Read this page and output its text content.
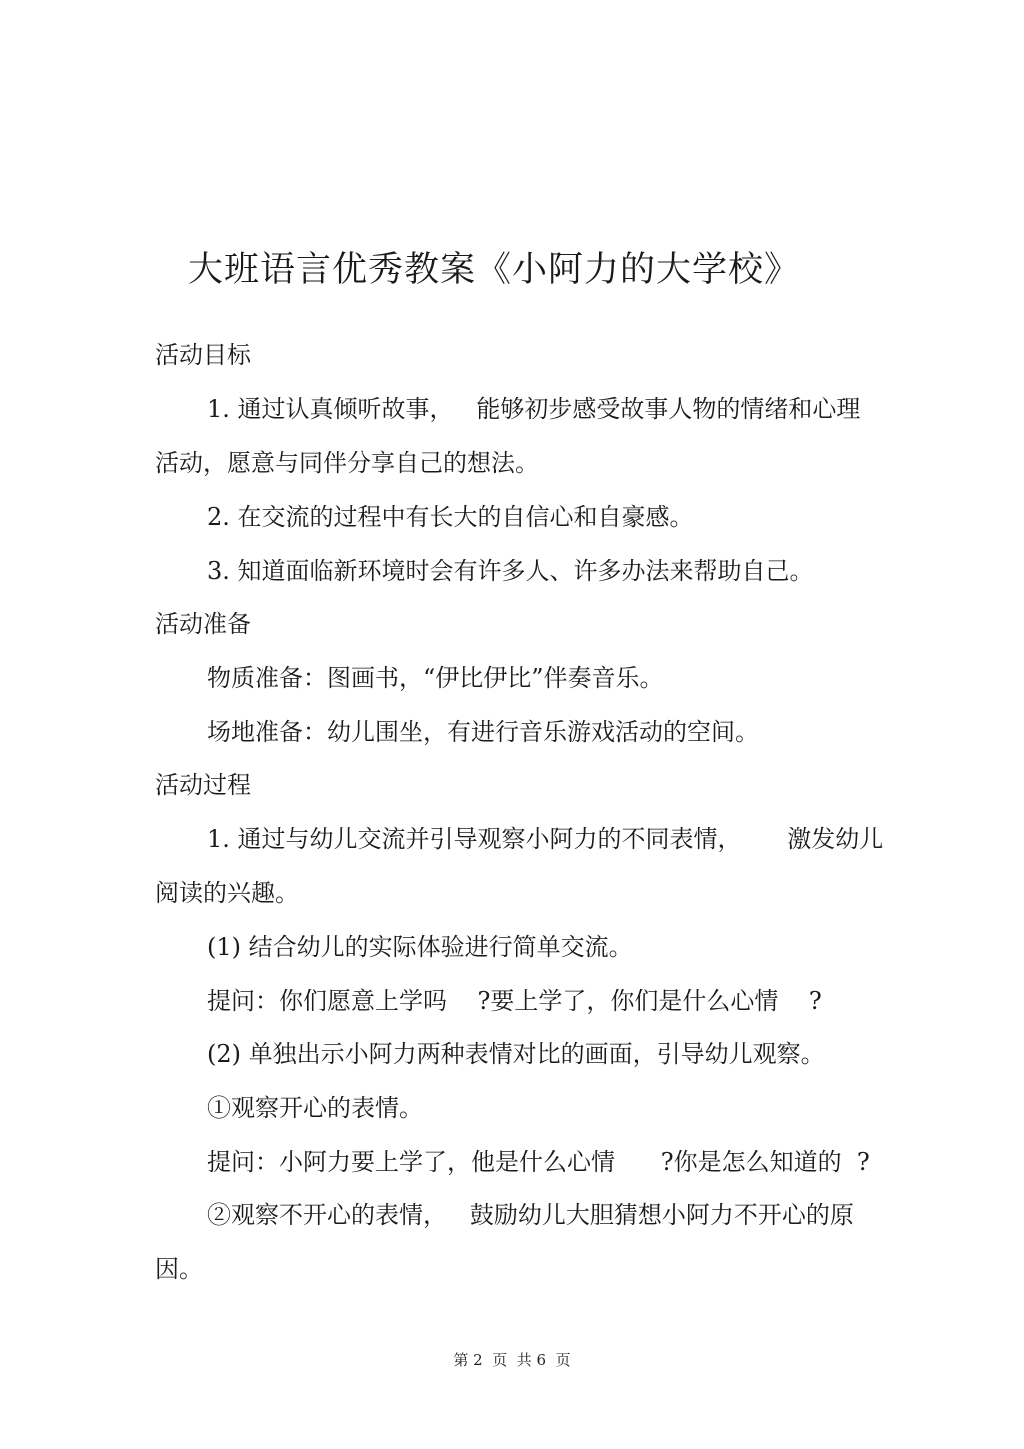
大班语言优秀教案《小阿力的大学校》
活动目标
1. 通过认真倾听故事，   能够初步感受故事人物的情绪和心理
活动，愿意与同伴分享自己的想法。
2. 在交流的过程中有长大的自信心和自豪感。
3. 知道面临新环境时会有许多人、许多办法来帮助自己。
活动准备
物质准备：图画书，“伊比伊比”伴奏音乐。
场地准备：幼儿围坐，有进行音乐游戏活动的空间。
活动过程
1. 通过与幼儿交流并引导观察小阿力的不同表情，      激发幼儿
阅读的兴趣。
(1) 结合幼儿的实际体验进行简单交流。
提问：你们愿意上学吗    ?要上学了，你们是什么心情    ?
(2) 单独出示小阿力两种表情对比的画面，引导幼儿观察。
①观察开心的表情。
提问：小阿力要上学了，他是什么心情      ?你是怎么知道的  ?
②观察不开心的表情，   鼓励幼儿大胆猜想小阿力不开心的原
因。
第 2  页  共 6  页
